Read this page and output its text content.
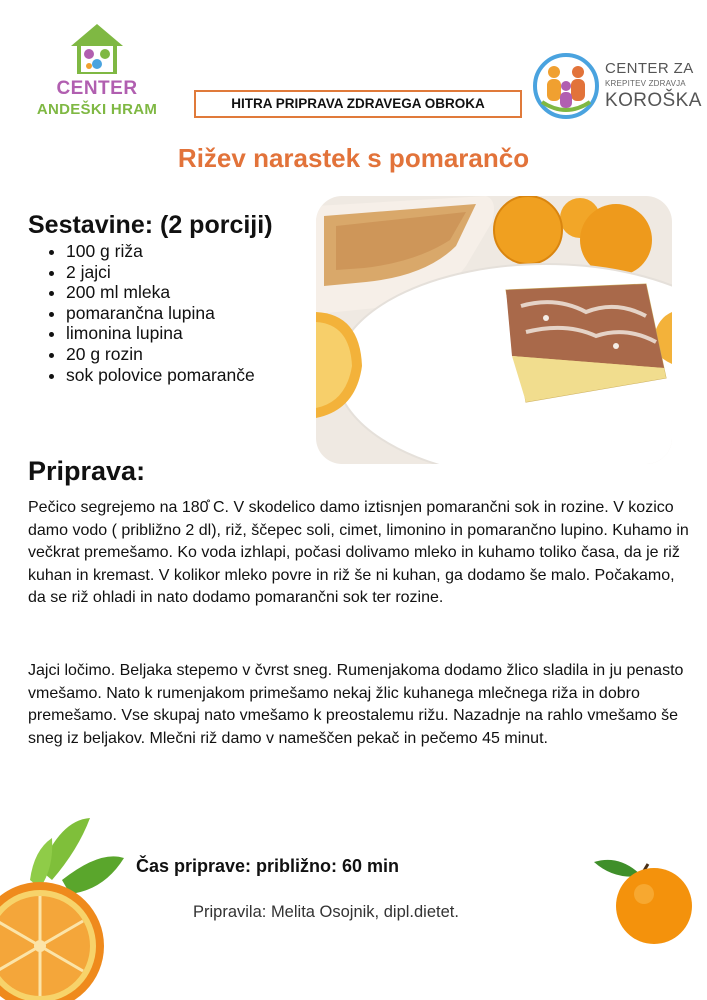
CENTER
ANDEŠKI HRAM	HITRA PRIPRAVA ZDRAVEGA OBROKA
CENTER ZA
KREPITEV ZDRAVJA
KOROŠKA
Rižev narastek s pomarančo
Sestavine: (2 porciji)
• 100 g riža
• 2 jajci
• 200 ml mleka
• pomarančna lupina
• limonina lupina
• 20 g rozin
• sok polovice pomaranče
Priprava:

Pečico segrejemo na 180̊ C. V skodelico damo iztisnjen pomarančni sok in rozine. V kozico damo vodo ( približno 2 dl), riž, ščepec soli, cimet, limonino in pomarančno lupino. Kuhamo in večkrat premešamo. Ko voda izhlapi, počasi dolivamo mleko in kuhamo toliko časa, da je riž kuhan in kremast. V kolikor mleko povre in riž še ni kuhan, ga dodamo še malo. Počakamo, da se riž ohladi in nato dodamo pomarančni sok ter rozine.

Jajci ločimo. Beljaka stepemo v čvrst sneg. Rumenjakoma dodamo žlico sladila in ju penasto vmešamo. Nato k rumenjakom primešamo nekaj žlic kuhanega mlečnega riža in dobro premešamo. Vse skupaj nato vmešamo k preostalemu rižu. Nazadnje na rahlo vmešamo še sneg iz beljakov. Mlečni riž damo v nameščen pekač in pečemo 45 minut.

Čas priprave: približno: 60 min
Pripravila: Melita Osojnik, dipl.dietet.
